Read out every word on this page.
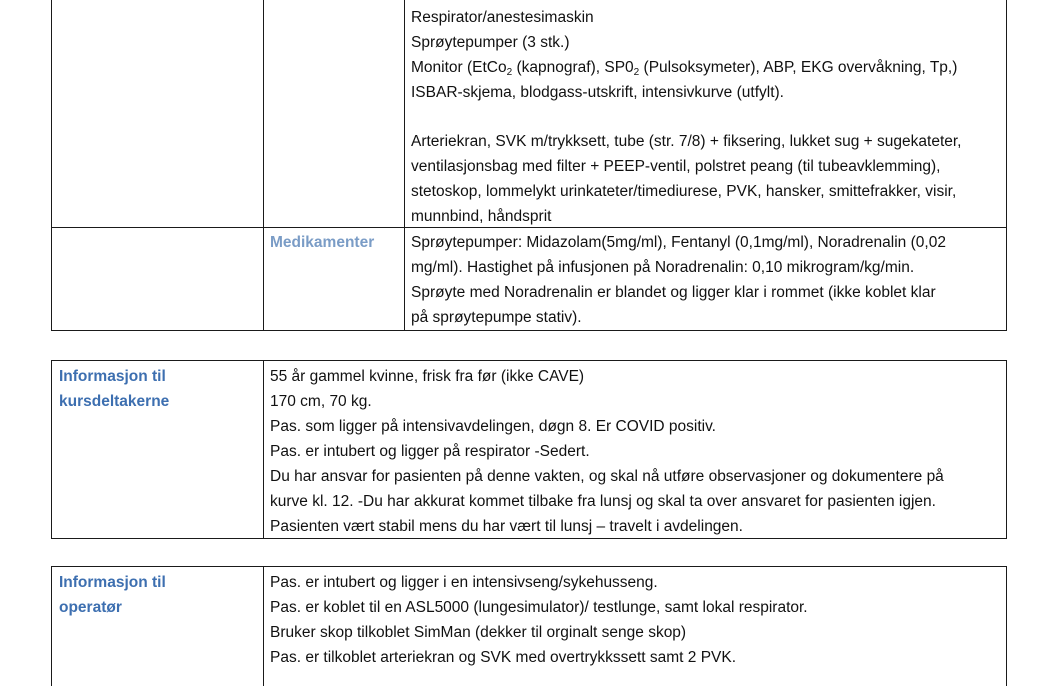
Respirator/anestesimaskin
Sprøytepumper (3 stk.)
Monitor (EtCo$_2$ (kapnograf), $SP0_2$ (Pulsoksymeter), ABP, EKG overvåkning, Tp,)
ISBAR-skjema, blodgass-utskrift, intensivkurve (utfylt).
Arteriekran, SVK m/trykksett, tube (str. 7/8) + fiksering, lukket sug + sugekateter,
ventilasjonsbag med filter + PEEP-ventil, polstret peang (til tubeavklemming),
stetoskop, lommelykt urinkateter/timediurese, PVK, hansker, smittefrakker, visir,
munnbind, håndsprit
Medikamenter Sprøytepumper: Midazolam(5mg/ml), Fentanyl (0,1mg/ml), Noradrenalin (0,02
mg/ml). Hastighet på infusjonen på Noradrenalin: 0,10 mikrogram/kg/min.
Sprøyte med Noradrenalin er blandet og ligger klar i rommet (ikke koblet klar
på sprøytepumpe stativ).
Informasjon til
kursdeltakerne
55 år gammel kvinne, frisk fra før (ikke CAVE)
170 cm, 70 kg.
Pas. som ligger på intensivavdelingen, døgn 8. Er COVID positiv.
Pas. er intubert og ligger på respirator -Sedert.
Du har ansvar for pasienten på denne vakten, og skal nå utføre observasjoner og dokumentere på
kurve kl. 12. -Du har akkurat kommet tilbake fra lunsj og skal ta over ansvaret for pasienten igjen.
Pasienten vært stabil mens du har vært til lunsj – travelt i avdelingen.
Informasjon til
operatør
Pas. er intubert og ligger i en intensivseng/sykehusseng.
Pas. er koblet til en ASL5000 (lungesimulator)/ testlunge, samt lokal respirator.
Bruker skop tilkoblet SimMan (dekker til orginalt senge skop)
Pas. er tilkoblet arteriekran og SVK med overtrykkssett samt 2 PVK.
